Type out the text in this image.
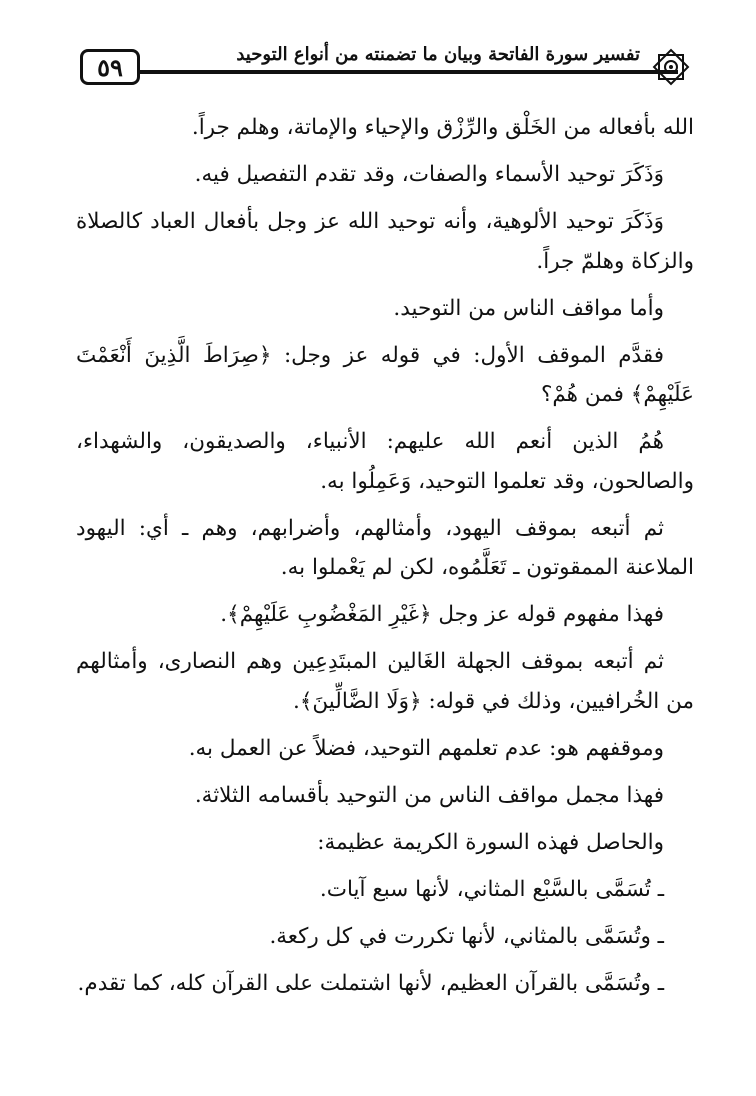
٥٩	تفسير سورة الفاتحة وبيان ما تضمنته من أنواع التوحيد

الله بأفعاله من الخَلْق والرِّزْق والإحياء والإماتة، وهلم جراً.

وَذَكَرَ توحيد الأسماء والصفات، وقد تقدم التفصيل فيه.

وَذَكَرَ توحيد الألوهية، وأنه توحيد الله عز وجل بأفعال العباد كالصلاة والزكاة وهلمّ جراً.

وأما مواقف الناس من التوحيد.

فقدَّم الموقف الأول: في قوله عز وجل: ﴿صِرَاطَ الَّذِينَ أَنْعَمْتَ عَلَيْهِمْ﴾ فمن هُمْ؟

هُمُ الذين أنعم الله عليهم: الأنبياء، والصديقون، والشهداء، والصالحون، وقد تعلموا التوحيد، وَعَمِلُوا به.

ثم أتبعه بموقف اليهود، وأمثالهم، وأضرابهم، وهم ـ أي: اليهود الملاعنة الممقوتون ـ تَعَلَّمُوه، لكن لم يَعْملوا به.

فهذا مفهوم قوله عز وجل ﴿غَيْرِ المَغْضُوبِ عَلَيْهِمْ﴾.

ثم أتبعه بموقف الجهلة الغَالين المبتَدِعِين وهم النصارى، وأمثالهم من الخُرافيين، وذلك في قوله: ﴿وَلَا الضَّالِّينَ﴾.

وموقفهم هو: عدم تعلمهم التوحيد، فضلاً عن العمل به.

فهذا مجمل مواقف الناس من التوحيد بأقسامه الثلاثة.

والحاصل فهذه السورة الكريمة عظيمة:

ـ تُسَمَّى بالسَّبْع المثاني، لأنها سبع آيات.

ـ وتُسَمَّى بالمثاني، لأنها تكررت في كل ركعة.

ـ وتُسَمَّى بالقرآن العظيم، لأنها اشتملت على القرآن كله، كما تقدم.
